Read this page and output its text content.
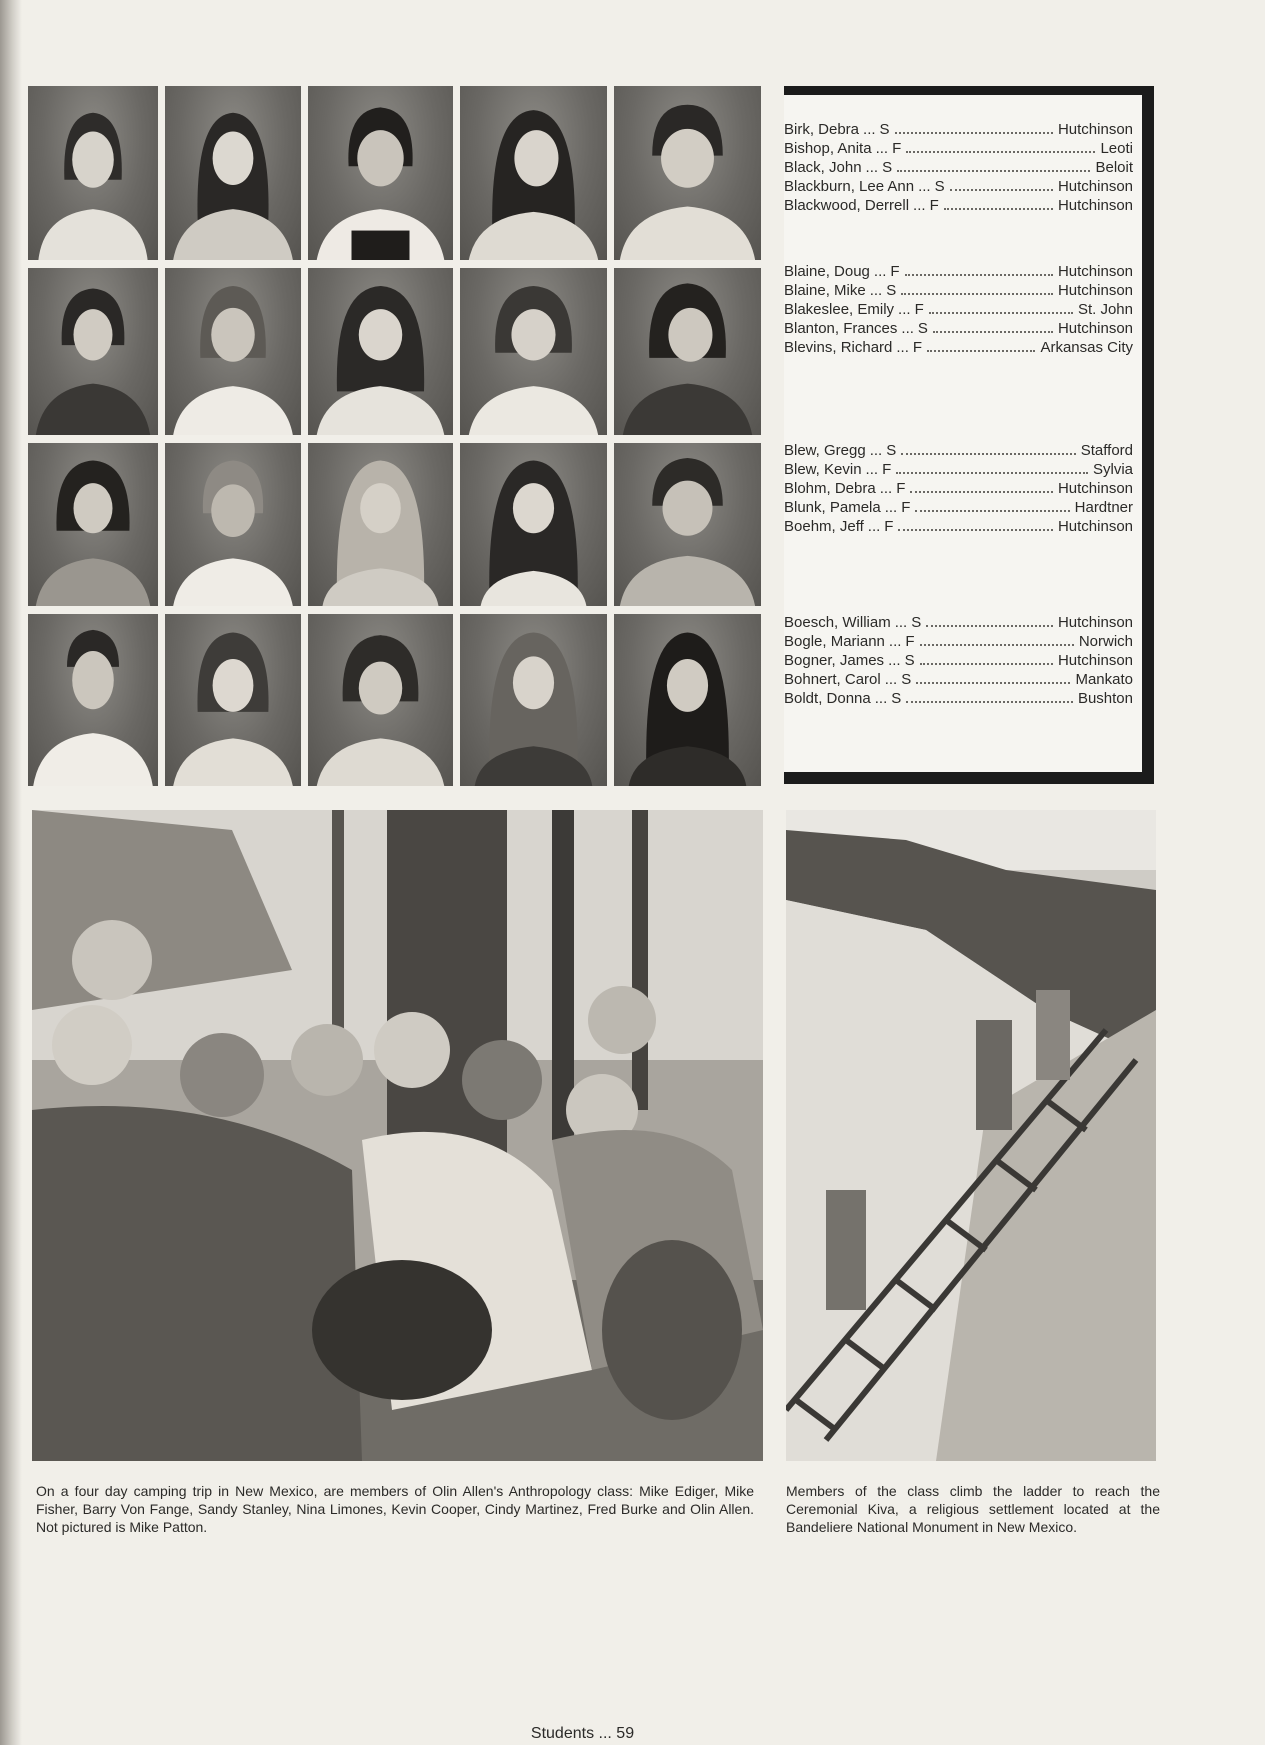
Birk, Debra ... S	Hutchinson
Bishop, Anita ... F	Leoti
Black, John ... S	Beloit
Blackburn, Lee Ann ... S	Hutchinson
Blackwood, Derrell ... F	Hutchinson
Blaine, Doug ... F	Hutchinson
Blaine, Mike ... S	Hutchinson
Blakeslee, Emily ... F	St. John
Blanton, Frances ... S	Hutchinson
Blevins, Richard ... F	Arkansas City
Blew, Gregg ... S	Stafford
Blew, Kevin ... F	Sylvia
Blohm, Debra ... F	Hutchinson
Blunk, Pamela ... F	Hardtner
Boehm, Jeff ... F	Hutchinson
Boesch, William ... S	Hutchinson
Bogle, Mariann ... F	Norwich
Bogner, James ... S	Hutchinson
Bohnert, Carol ... S	Mankato
Boldt, Donna ... S	Bushton
On a four day camping trip in New Mexico, are members of Olin Allen's Anthropology class: Mike Ediger, Mike Fisher, Barry Von Fange, Sandy Stanley, Nina Limones, Kevin Cooper, Cindy Martinez, Fred Burke and Olin Allen. Not pictured is Mike Patton.
Members of the class climb the ladder to reach the Ceremonial Kiva, a religious settlement located at the Bandeliere National Monument in New Mexico.
Students ... 59
